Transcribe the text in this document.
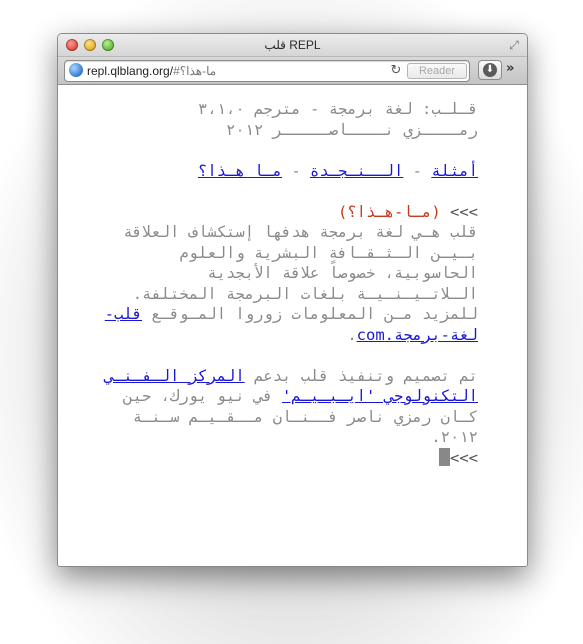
قلب REPL	⤢
repl.qlblang.org/#ما-هذا؟	↻	Reader	⬇ »

قـلـب: لغة برمجة - مترجم ٣،١،٠

رمــــزي نــــاصـــــر ٢٠١٢

أمثلة - الــنـجـدة - مـا هـذا؟

>>> (مـا-هـذا؟)

قلب هـي لغة برمجة هدفها إستكشاف العلاقة بـيـن الـثـقـافة البشرية والعلوم الحاسوبية، خصوصاً علاقة الأبجدية الـلاتـيـنـيـة بلغات البرمجة المختلفة. للمزيد مـن المعلومات زوروا المـوقـع قلب-لغة-برمجة.com.

تم تصميم وتنفيذ قلب بدعم المركز الـفـنـي التكنولوجي 'ايـبـيـم' في نيو يورك، حين كـان رمزي ناصر فــنـان مــقـيـم سـنـة ٢٠١٢.

>>>
